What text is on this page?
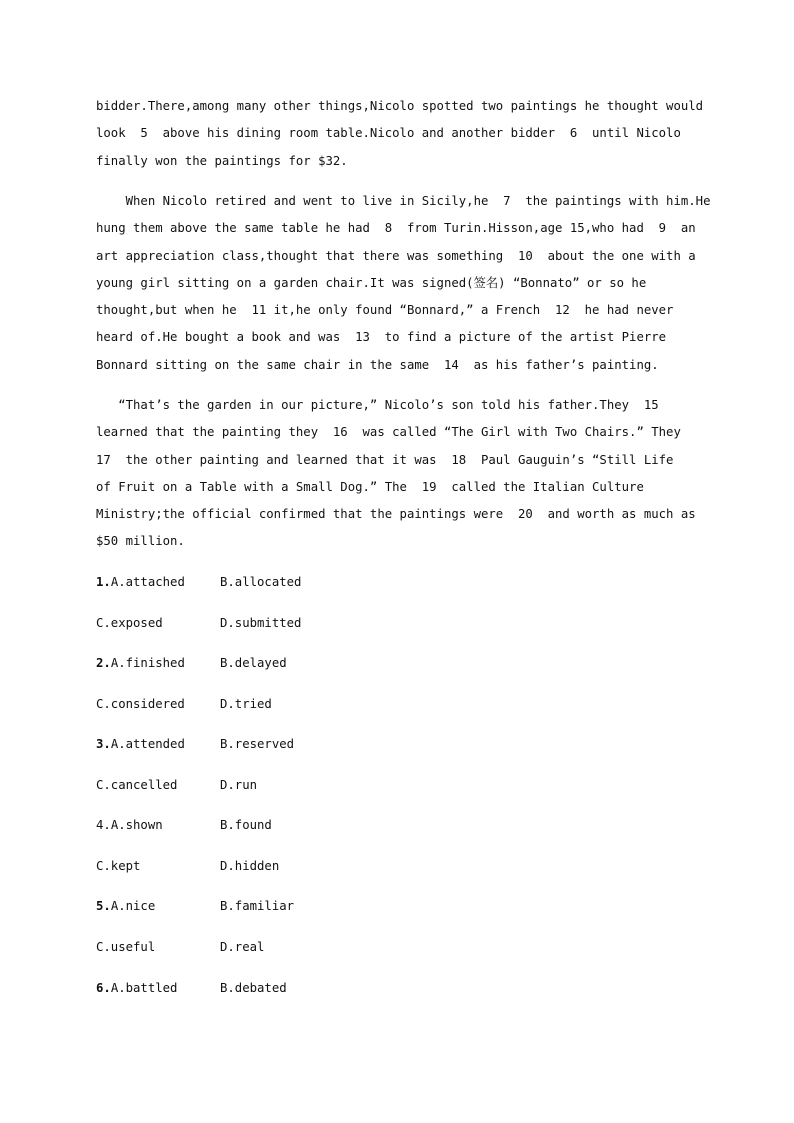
bidder.There,among many other things,Nicolo spotted two paintings he thought would
look  5  above his dining room table.Nicolo and another bidder  6  until Nicolo
finally won the paintings for $32.
When Nicolo retired and went to live in Sicily,he  7  the paintings with him.He
hung them above the same table he had  8  from Turin.Hisson,age 15,who had  9  an
art appreciation class,thought that there was something  10  about the one with a
young girl sitting on a garden chair.It was signed(签名) “Bonnato” or so he
thought,but when he  11 it,he only found “Bonnard,” a French  12  he had never
heard of.He bought a book and was  13  to find a picture of the artist Pierre
Bonnard sitting on the same chair in the same  14  as his father’s painting.
“That’s the garden in our picture,” Nicolo’s son told his father.They  15
learned that the painting they  16  was called “The Girl with Two Chairs.” They
17  the other painting and learned that it was  18  Paul Gauguin’s “Still Life
of Fruit on a Table with a Small Dog.” The  19  called the Italian Culture
Ministry;the official confirmed that the paintings were  20  and worth as much as
$50 million.
1.A.attached	B.allocated
C.exposed	D.submitted
2.A.finished	B.delayed
C.considered	D.tried
3.A.attended	B.reserved
C.cancelled	D.run
4.A.shown	B.found
C.kept	D.hidden
5.A.nice	B.familiar
C.useful	D.real
6.A.battled	B.debated
